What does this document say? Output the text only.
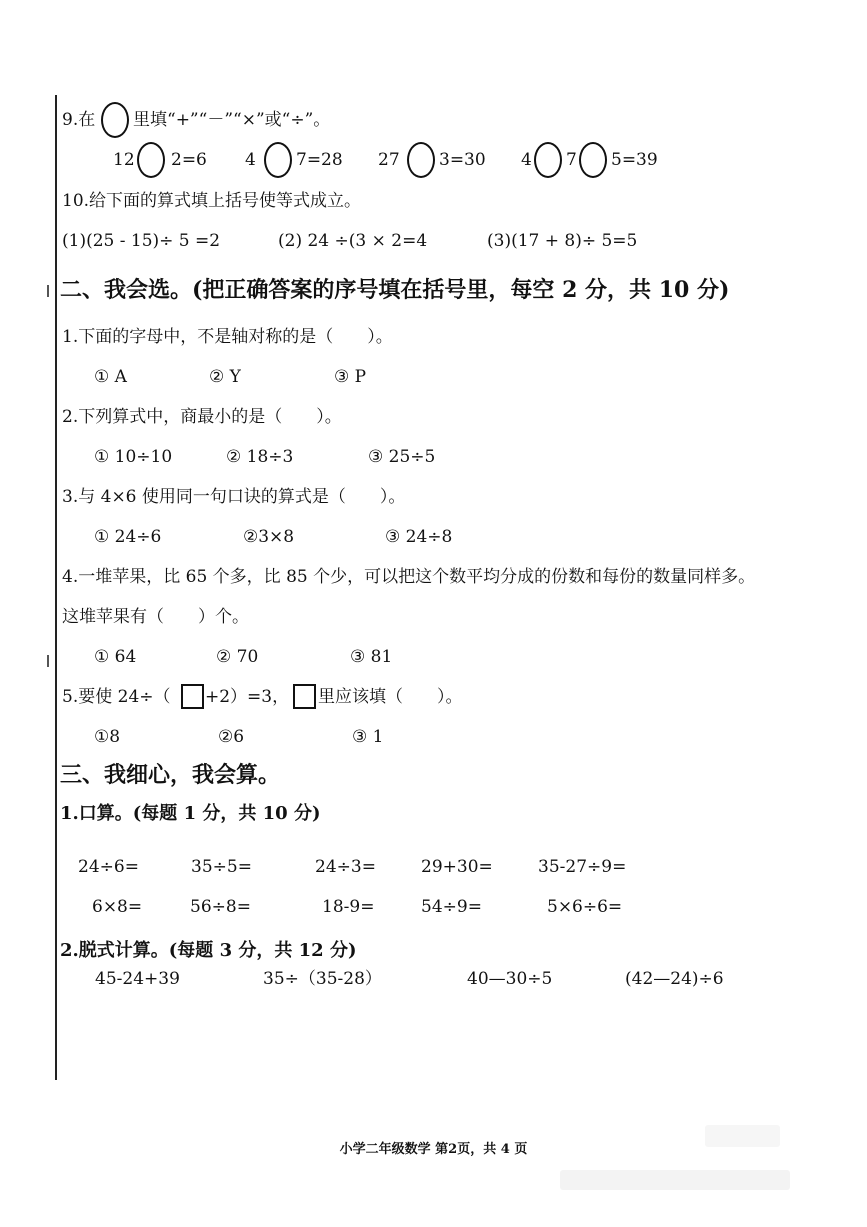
9.在 里填“+”“－”“×”或“÷”。
12 2=6 4 7=28 27 3=30 4 7 5=39
10.给下面的算式填上括号使等式成立。
(1)(25 - 15)÷ 5 =2	(2) 24 ÷(3 × 2=4	(3)(17 + 8)÷ 5=5
二、我会选。(把正确答案的序号填在括号里，每空 2 分，共 10 分)
1.下面的字母中，不是轴对称的是（　　）。
① A	② Y	③ P
2.下列算式中，商最小的是（　　）。
① 10÷10	② 18÷3	③ 25÷5
3.与 4×6 使用同一句口诀的算式是（　　）。
① 24÷6	②3×8	③ 24÷8
4.一堆苹果，比 65 个多，比 85 个少，可以把这个数平均分成的份数和每份的数量同样多。
这堆苹果有（　　）个。
① 64	② 70	③ 81
5.要使 24÷（ +2）=3， 里应该填（　　）。
①8	②6	③ 1
三、我细心，我会算。
1.口算。(每题 1 分，共 10 分)
24÷6=	35÷5=	24÷3=	29+30=	35-27÷9=
6×8=	56÷8=	18-9=	54÷9=	5×6÷6=
2.脱式计算。(每题 3 分，共 12 分)
45-24+39	35÷（35-28）	40—30÷5	(42—24)÷6
小学二年级数学 第2页，共 4 页
